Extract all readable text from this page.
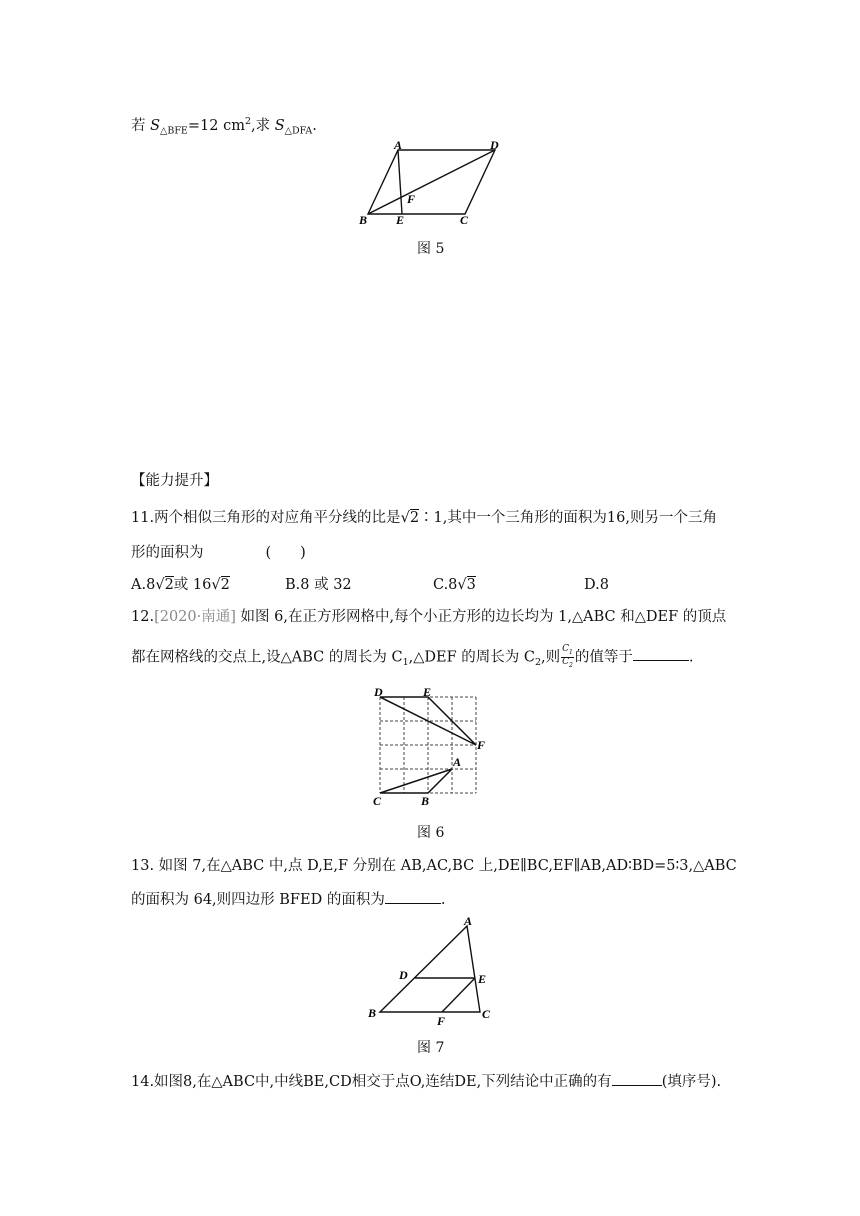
若 $S_{\triangle BFE}=12$ $cm^2$,求 $S_{\triangle DFA}$.
A	D
F
B E	C
图 5
【能力提升】
11.两个相似三角形的对应角平分线的比是√2∶1,其中一个三角形的面积为16,则另一个三角
形的面积为	(　　)
A.8√2或 16√2	B.8 或 32	C.8√3	D.8
12.[2020·南通] 如图 6,在正方形网格中,每个小正方形的边长均为 1,△ABC 和△DEF 的顶点
都在网格线的交点上,设△ABC 的周长为 $C_1,\triangle DEF$ 的周长为 $C_2$,则 $\frac{C_1}{C_2}$ 的值等于	.
D	E
F
A
C	B
图 6
13. 如图 7,在△ABC 中,点 D,E,F 分别在 AB,AC,BC 上,DE∥BC,EF∥AB,AD∶BD=5∶3,△ABC
的面积为 64,则四边形 BFED 的面积为	.
A
D	E
B
F	C
图 7
14.如图8,在△ABC中,中线BE,CD相交于点O,连结DE,下列结论中正确的有	(填序号).
